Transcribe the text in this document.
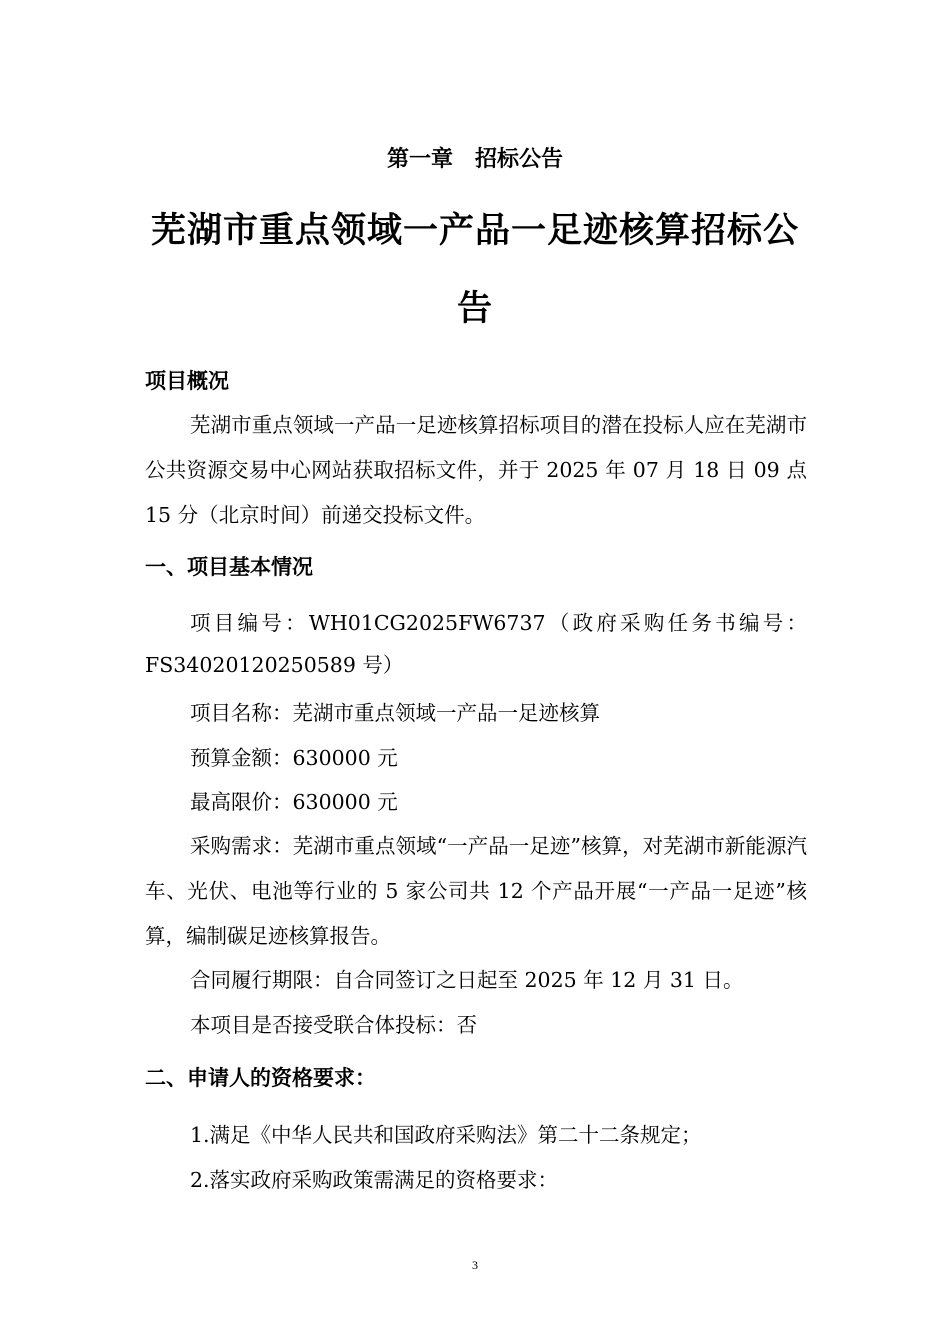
第一章　招标公告
芜湖市重点领域一产品一足迹核算招标公告
项目概况
芜湖市重点领域一产品一足迹核算招标项目的潜在投标人应在芜湖市公共资源交易中心网站获取招标文件，并于 2025 年 07 月 18 日 09 点 15 分（北京时间）前递交投标文件。
一、项目基本情况
项目编号：WH01CG2025FW6737（政府采购任务书编号：FS34020120250589 号）
项目名称：芜湖市重点领域一产品一足迹核算
预算金额：630000 元
最高限价：630000 元
采购需求：芜湖市重点领域“一产品一足迹”核算，对芜湖市新能源汽车、光伏、电池等行业的 5 家公司共 12 个产品开展“一产品一足迹”核算，编制碳足迹核算报告。
合同履行期限：自合同签订之日起至 2025 年 12 月 31 日。
本项目是否接受联合体投标：否
二、申请人的资格要求：
1.满足《中华人民共和国政府采购法》第二十二条规定；
2.落实政府采购政策需满足的资格要求：
3
